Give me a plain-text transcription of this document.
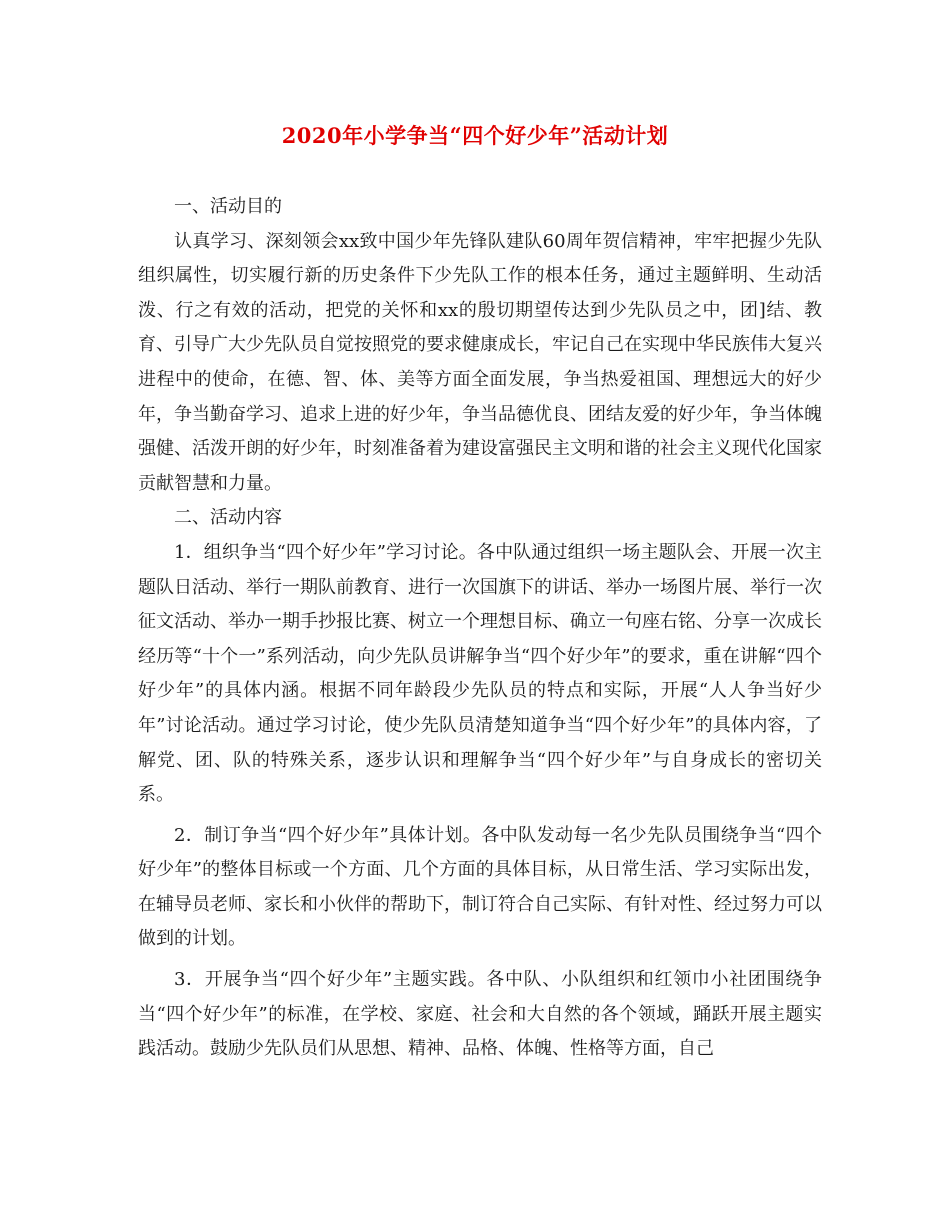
2020年小学争当“四个好少年”活动计划

一、活动目的

认真学习、深刻领会xx致中国少年先锋队建队60周年贺信精神，牢牢把握少先队组织属性，切实履行新的历史条件下少先队工作的根本任务，通过主题鲜明、生动活泼、行之有效的活动，把党的关怀和xx的殷切期望传达到少先队员之中，团]结、教育、引导广大少先队员自觉按照党的要求健康成长，牢记自己在实现中华民族伟大复兴进程中的使命，在德、智、体、美等方面全面发展，争当热爱祖国、理想远大的好少年，争当勤奋学习、追求上进的好少年，争当品德优良、团结友爱的好少年，争当体魄强健、活泼开朗的好少年，时刻准备着为建设富强民主文明和谐的社会主义现代化国家贡献智慧和力量。

二、活动内容

1．组织争当“四个好少年”学习讨论。各中队通过组织一场主题队会、开展一次主题队日活动、举行一期队前教育、进行一次国旗下的讲话、举办一场图片展、举行一次征文活动、举办一期手抄报比赛、树立一个理想目标、确立一句座右铭、分享一次成长经历等“十个一”系列活动，向少先队员讲解争当“四个好少年”的要求，重在讲解“四个好少年”的具体内涵。根据不同年龄段少先队员的特点和实际，开展“人人争当好少年”讨论活动。通过学习讨论，使少先队员清楚知道争当“四个好少年”的具体内容，了解党、团、队的特殊关系，逐步认识和理解争当“四个好少年”与自身成长的密切关系。

2．制订争当“四个好少年”具体计划。各中队发动每一名少先队员围绕争当“四个好少年”的整体目标或一个方面、几个方面的具体目标，从日常生活、学习实际出发，在辅导员老师、家长和小伙伴的帮助下，制订符合自己实际、有针对性、经过努力可以做到的计划。

3．开展争当“四个好少年”主题实践。各中队、小队组织和红领巾小社团围绕争当“四个好少年”的标准，在学校、家庭、社会和大自然的各个领域，踊跃开展主题实践活动。鼓励少先队员们从思想、精神、品格、体魄、性格等方面，自己
